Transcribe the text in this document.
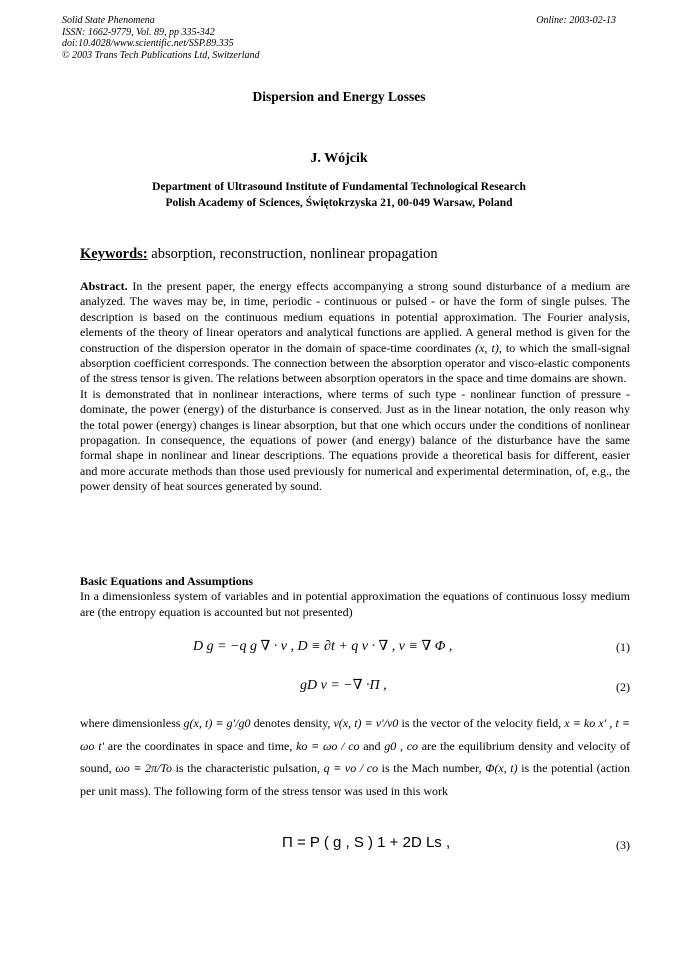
Solid State Phenomena
ISSN: 1662-9779, Vol. 89, pp 335-342
doi:10.4028/www.scientific.net/SSP.89.335
© 2003 Trans Tech Publications Ltd, Switzerland
Online: 2003-02-13
Dispersion and Energy Losses
J. Wójcik
Department of Ultrasound Institute of Fundamental Technological Research
Polish Academy of Sciences, Świętokrzyska 21, 00-049 Warsaw, Poland
Keywords: absorption, reconstruction, nonlinear propagation

Abstract. In the present paper, the energy effects accompanying a strong sound disturbance of a medium are analyzed. The waves may be, in time, periodic - continuous or pulsed - or have the form of single pulses. The description is based on the continuous medium equations in potential approximation. The Fourier analysis, elements of the theory of linear operators and analytical functions are applied. A general method is given for the construction of the dispersion operator in the domain of space-time coordinates (x, t), to which the small-signal absorption coefficient corresponds. The connection between the absorption operator and visco-elastic components of the stress tensor is given. The relations between absorption operators in the space and time domains are shown.

It is demonstrated that in nonlinear interactions, where terms of such type - nonlinear function of pressure - dominate, the power (energy) of the disturbance is conserved. Just as in the linear notation, the only reason why the total power (energy) changes is linear absorption, but that one which occurs under the conditions of nonlinear propagation. In consequence, the equations of power (and energy) balance of the disturbance have the same formal shape in nonlinear and linear descriptions. The equations provide a theoretical basis for different, easier and more accurate methods than those used previously for numerical and experimental determination, of, e.g., the power density of heat sources generated by sound.

Basic Equations and Assumptions
In a dimensionless system of variables and in potential approximation the equations of continuous lossy medium are (the entropy equation is accounted but not presented)
D g = −q g ∇ · v , D ≡ ∂t + q v · ∇ , v ≡ ∇ Φ ,	(1)
gD v = −∇ ·Π ,	(2)
where dimensionless g(x, t) ≡ g'/g0 denotes density, v(x, t) ≡ v'/v0 is the vector of the velocity field, x ≡ ko x' , t ≡ ωo t' are the coordinates in space and time, ko ≡ ωo / co and g0 , co are the equilibrium density and velocity of sound, ωo ≡ 2π/To is the characteristic pulsation, q ≡ vo / co is the Mach number, Φ(x, t) is the potential (action per unit mass). The following form of the stress tensor was used in this work
Π = P ( g , S ) 1 + 2D Ls ,	(3)
